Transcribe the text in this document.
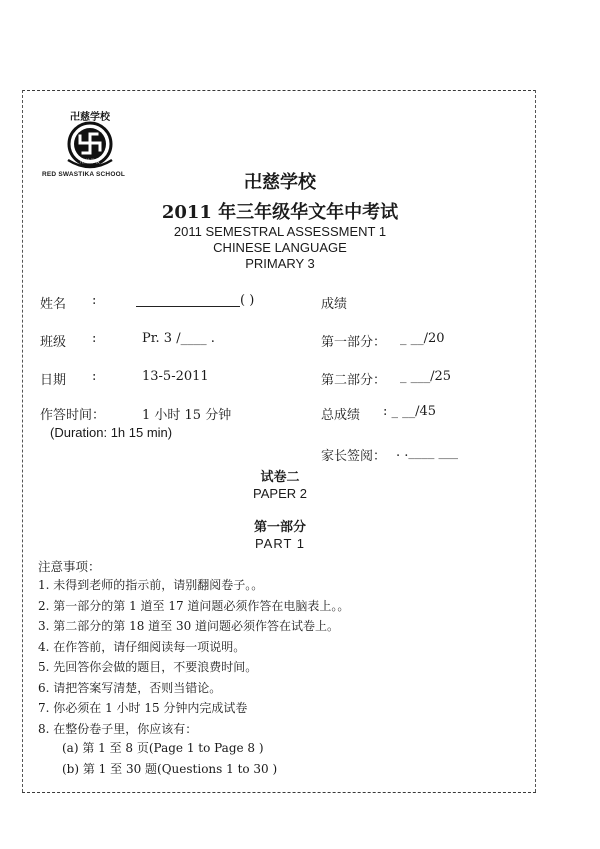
卍慈学校
卍慈学校
RED SWASTIKA SCHOOL	卍慈学校
2011 年三年级华文年中考试
2011 SEMESTRAL ASSESSMENT 1
CHINESE LANGUAGE
PRIMARY 3
姓名 :	( )	成绩
班级 :	Pr. 3 /____ .	第一部分： _ __/20
日期 :	13-5-2011	第二部分： _ ___/25
作答时间：	1 小时 15 分钟
(Duration: 1h 15 min)
总成绩 : _ __/45
家长签阅： . .____ ___
试卷二
PAPER 2
第一部分
PART 1
注意事项：
1. 未得到老师的指示前，请别翻阅卷子。。
2. 第一部分的第 1 道至 17 道问题必须作答在电脑表上。。
3. 第二部分的第 18 道至 30 道问题必须作答在试卷上。
4. 在作答前，请仔细阅读每一项说明。
5. 先回答你会做的题目，不要浪费时间。
6. 请把答案写清楚，否则当错论。
7. 你必须在 1 小时 15 分钟内完成试卷
8. 在整份卷子里，你应该有：
(a) 第 1 至 8 页(Page 1 to Page 8 )
(b) 第 1 至 30 题(Questions 1 to 30 )
